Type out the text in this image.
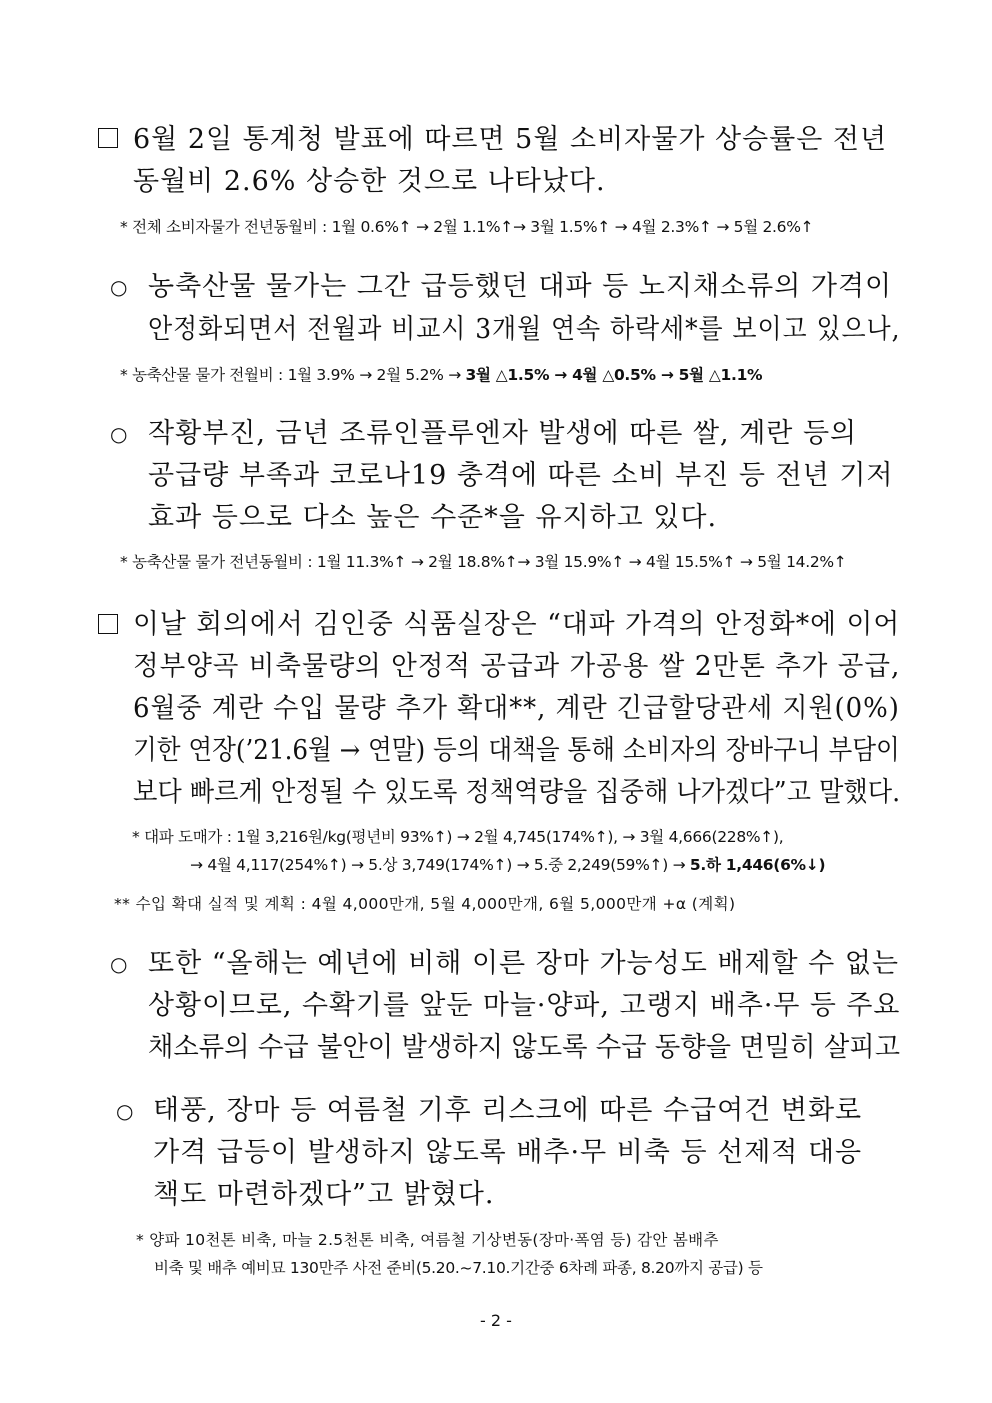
6월 2일 통계청 발표에 따르면 5월 소비자물가 상승률은 전년
동월비 2.6% 상승한 것으로 나타났다.
* 전체 소비자물가 전년동월비 : 1월 0.6%↑ → 2월 1.1%↑→ 3월 1.5%↑ → 4월 2.3%↑ → 5월 2.6%↑
○ 농축산물 물가는 그간 급등했던 대파 등 노지채소류의 가격이
안정화되면서 전월과 비교시 3개월 연속 하락세*를 보이고 있으나,
* 농축산물 물가 전월비 : 1월 3.9% → 2월 5.2% → 3월 △1.5% → 4월 △0.5% → 5월 △1.1%
○ 작황부진, 금년 조류인플루엔자 발생에 따른 쌀, 계란 등의
공급량 부족과 코로나19 충격에 따른 소비 부진 등 전년 기저
효과 등으로 다소 높은 수준*을 유지하고 있다.
* 농축산물 물가 전년동월비 : 1월 11.3%↑ → 2월 18.8%↑→ 3월 15.9%↑ → 4월 15.5%↑ → 5월 14.2%↑
이날 회의에서 김인중 식품실장은 “대파 가격의 안정화*에 이어
정부양곡 비축물량의 안정적 공급과 가공용 쌀 2만톤 추가 공급,
6월중 계란 수입 물량 추가 확대**, 계란 긴급할당관세 지원(0%)
기한 연장(’21.6월 → 연말) 등의 대책을 통해 소비자의 장바구니 부담이
보다 빠르게 안정될 수 있도록 정책역량을 집중해 나가겠다”고 말했다.
* 대파 도매가 : 1월 3,216원/kg(평년비 93%↑) → 2월 4,745(174%↑), → 3월 4,666(228%↑),
→ 4월 4,117(254%↑) → 5.상 3,749(174%↑) → 5.중 2,249(59%↑) → 5.하 1,446(6%↓)
** 수입 확대 실적 및 계획 : 4월 4,000만개, 5월 4,000만개, 6월 5,000만개 +α (계획)
○ 또한 “올해는 예년에 비해 이른 장마 가능성도 배제할 수 없는
상황이므로, 수확기를 앞둔 마늘·양파, 고랭지 배추·무 등 주요
채소류의 수급 불안이 발생하지 않도록 수급 동향을 면밀히 살피고
○ 태풍, 장마 등 여름철 기후 리스크에 따른 수급여건 변화로
가격 급등이 발생하지 않도록 배추·무 비축 등 선제적 대응
책도 마련하겠다”고 밝혔다.
* 양파 10천톤 비축, 마늘 2.5천톤 비축, 여름철 기상변동(장마·폭염 등) 감안 봄배추
비축 및 배추 예비묘 130만주 사전 준비(5.20.~7.10.기간중 6차례 파종, 8.20까지 공급) 등
- 2 -
